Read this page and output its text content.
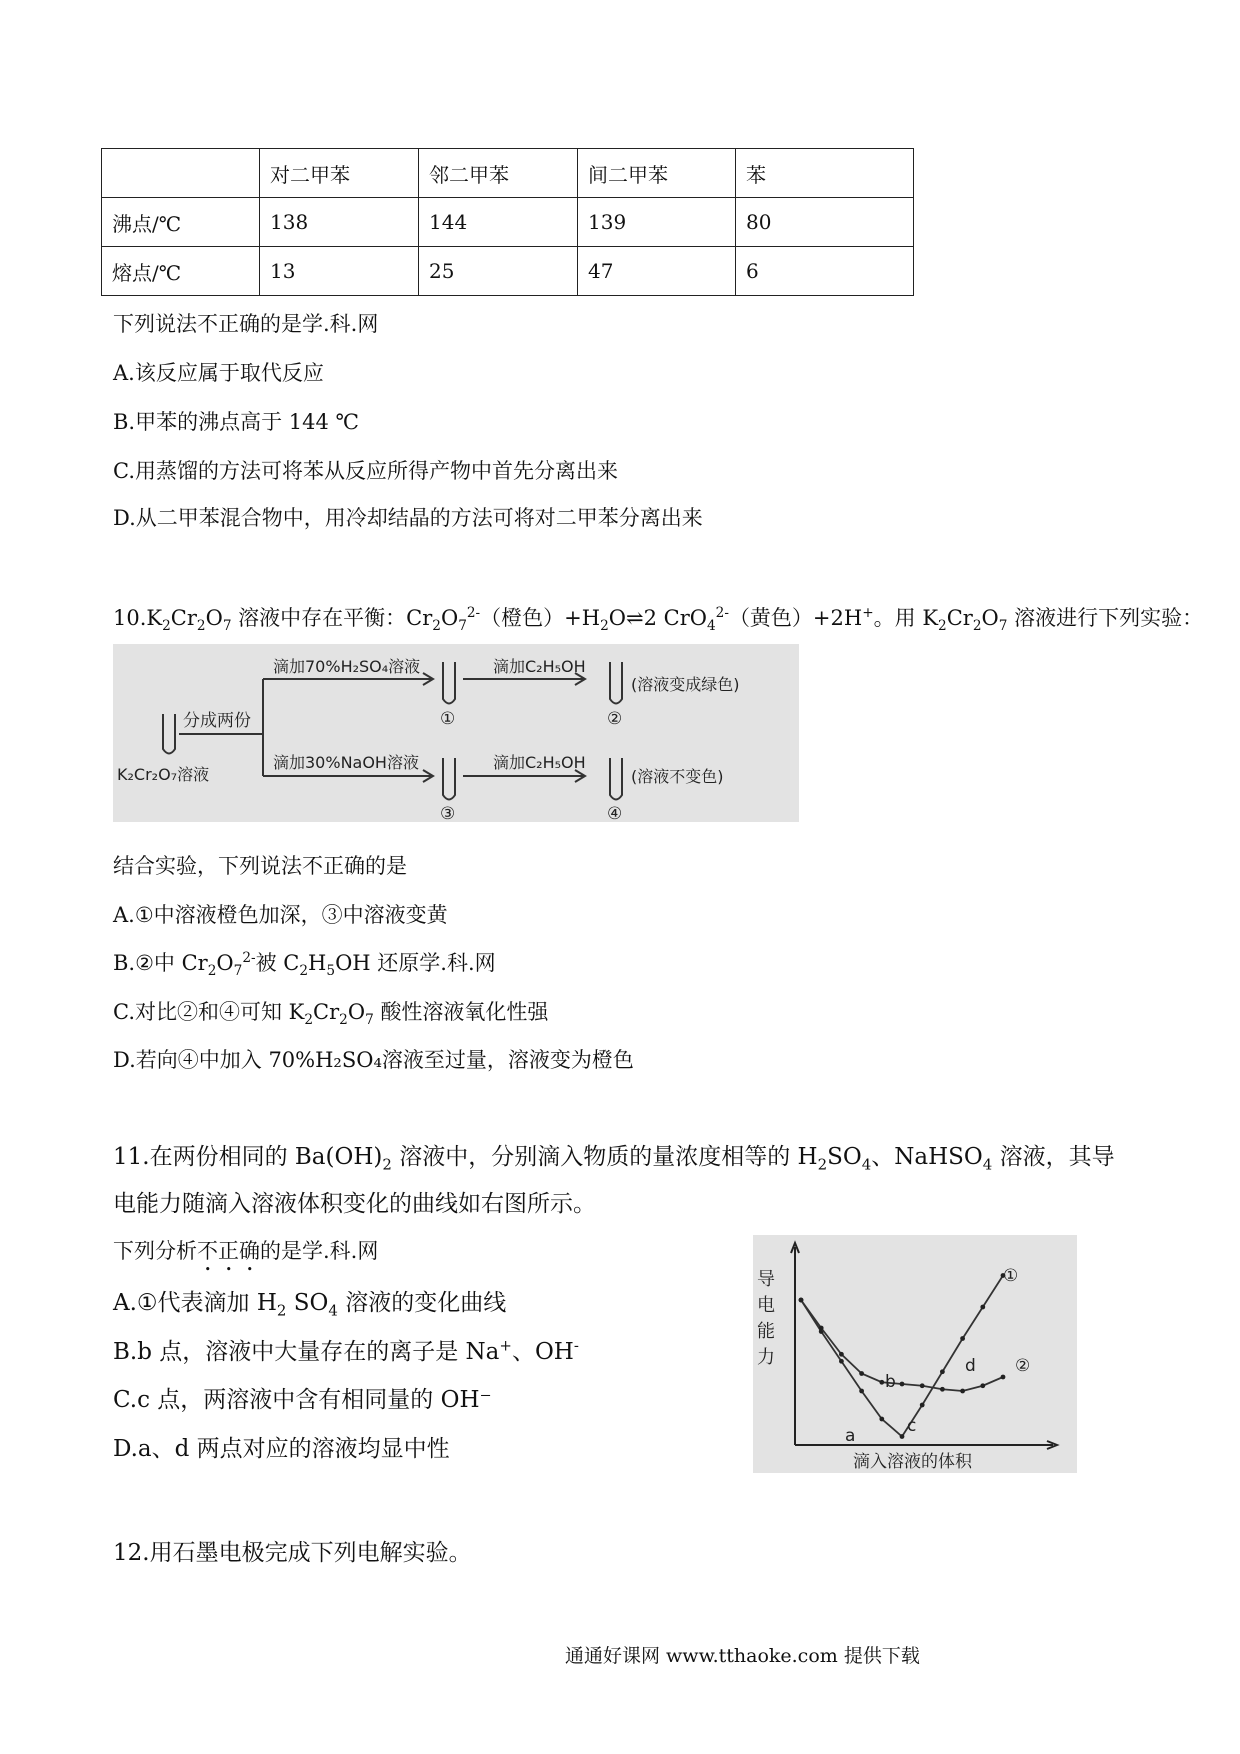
	对二甲苯	邻二甲苯	间二甲苯	苯
沸点/℃	138	144	139	80
熔点/℃	13	25	47	6
下列说法不正确的是学.科.网
A.该反应属于取代反应
B.甲苯的沸点高于 144 ℃
C.用蒸馏的方法可将苯从反应所得产物中首先分离出来
D.从二甲苯混合物中，用冷却结晶的方法可将对二甲苯分离出来
$10.K_2Cr_2O_7$ 溶液中存在平衡：$Cr_2O_7^{2-}$（橙色）$+H_2O\rightleftharpoons 2$ CrO$_4^{2-}$（黄色）+2H+。用 $K_2Cr_2O_7$ 溶液进行下列实验：
分成两份
K₂Cr₂O₇溶液
滴加70%H₂SO₄溶液
滴加30%NaOH溶液
滴加C₂H₅OH
滴加C₂H₅OH
(溶液变成绿色)
(溶液不变色)
①	②
③	④
结合实验，下列说法不正确的是
A.①中溶液橙色加深，③中溶液变黄
B.②中 $Cr_2O_7^{2-}$被 $C_2H_5OH$ 还原学.科.网
C.对比②和④可知 $K_2Cr_2O_7$ 酸性溶液氧化性强
D.若向④中加入 70%H₂SO₄溶液至过量，溶液变为橙色
11.在两份相同的 $Ba(OH)_2$ 溶液中，分别滴入物质的量浓度相等的 $H_2SO_4$、NaHSO$_4$ 溶液，其导
电能力随滴入溶液体积变化的曲线如右图所示。
下列分析不正确的是学.科.网
A.①代表滴加 $H_2$ $SO_4$ 溶液的变化曲线
B.b 点，溶液中大量存在的离子是 Na+、OH-
C.c 点，两溶液中含有相同量的 OH⁻
D.a、d 两点对应的溶液均显中性
导
电
能
力
滴入溶液的体积
①
②
a
b
c
d
12.用石墨电极完成下列电解实验。
通通好课网 www.tthaoke.com 提供下载
